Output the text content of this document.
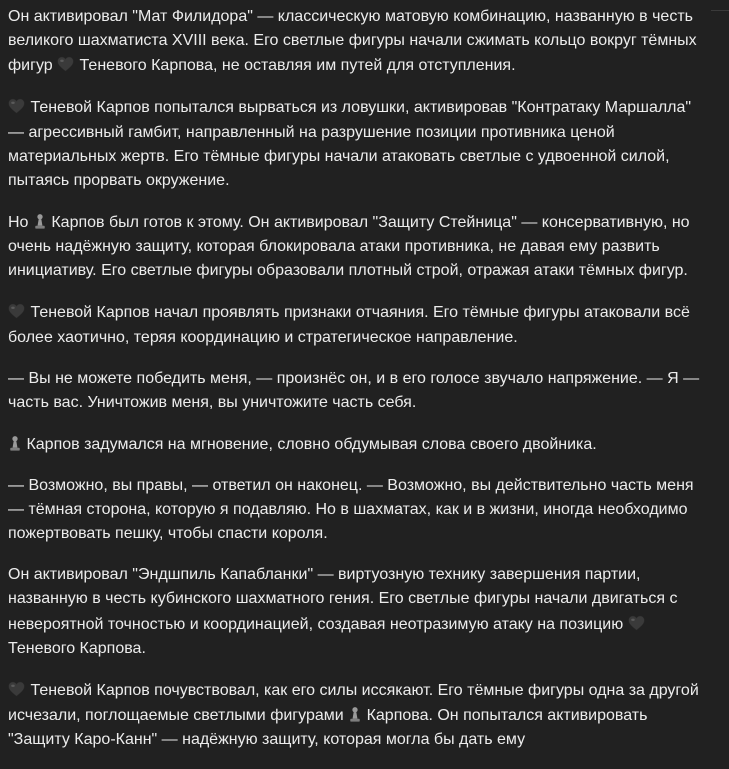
Он активировал "Мат Филидора" — классическую матовую комбинацию, названную в честь великого шахматиста XVIII века. Его светлые фигуры начали сжимать кольцо вокруг тёмных фигур  Теневого Карпова, не оставляя им путей для отступления.

Теневой Карпов попытался вырваться из ловушки, активировав "Контратаку Маршалла" — агрессивный гамбит, направленный на разрушение позиции противника ценой материальных жертв. Его тёмные фигуры начали атаковать светлые с удвоенной силой, пытаясь прорвать окружение.

Но  Карпов был готов к этому. Он активировал "Защиту Стейница" — консервативную, но очень надёжную защиту, которая блокировала атаки противника, не давая ему развить инициативу. Его светлые фигуры образовали плотный строй, отражая атаки тёмных фигур.

Теневой Карпов начал проявлять признаки отчаяния. Его тёмные фигуры атаковали всё более хаотично, теряя координацию и стратегическое направление.

— Вы не можете победить меня, — произнёс он, и в его голосе звучало напряжение. — Я — часть вас. Уничтожив меня, вы уничтожите часть себя.

Карпов задумался на мгновение, словно обдумывая слова своего двойника.

— Возможно, вы правы, — ответил он наконец. — Возможно, вы действительно часть меня — тёмная сторона, которую я подавляю. Но в шахматах, как и в жизни, иногда необходимо пожертвовать пешку, чтобы спасти короля.

Он активировал "Эндшпиль Капабланки" — виртуозную технику завершения партии, названную в честь кубинского шахматного гения. Его светлые фигуры начали двигаться с невероятной точностью и координацией, создавая неотразимую атаку на позицию  Теневого Карпова.

Теневой Карпов почувствовал, как его силы иссякают. Его тёмные фигуры одна за другой исчезали, поглощаемые светлыми фигурами  Карпова. Он попытался активировать "Защиту Каро-Канн" — надёжную защиту, которая могла бы дать ему
